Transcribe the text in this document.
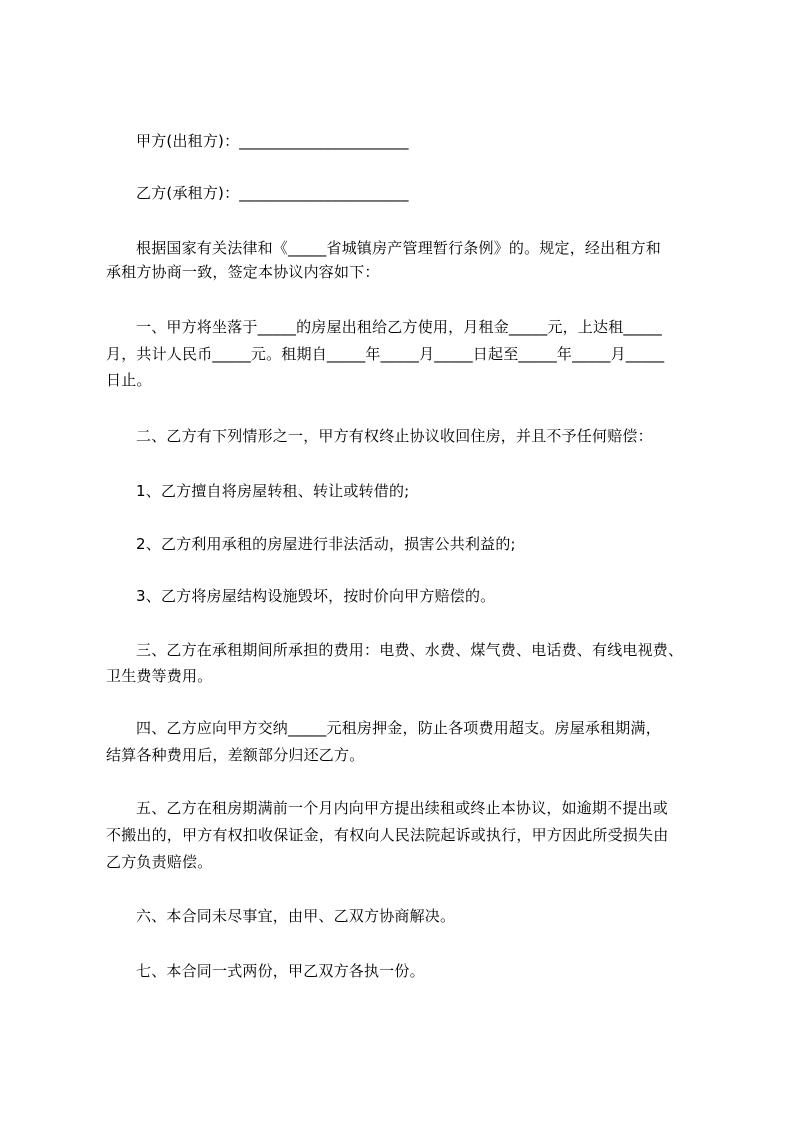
甲方(出租方)：______________________
乙方(承租方)：______________________
根据国家有关法律和《_____省城镇房产管理暂行条例》的。规定，经出租方和
承租方协商一致，签定本协议内容如下：
一、甲方将坐落于_____的房屋出租给乙方使用，月租金_____元，上达租_____
月，共计人民币_____元。租期自_____年_____月_____日起至_____年_____月_____
日止。
二、乙方有下列情形之一，甲方有权终止协议收回住房，并且不予任何赔偿：
1、乙方擅自将房屋转租、转让或转借的;
2、乙方利用承租的房屋进行非法活动，损害公共利益的;
3、乙方将房屋结构设施毁坏，按时价向甲方赔偿的。
三、乙方在承租期间所承担的费用：电费、水费、煤气费、电话费、有线电视费、
卫生费等费用。
四、乙方应向甲方交纳_____元租房押金，防止各项费用超支。房屋承租期满，
结算各种费用后，差额部分归还乙方。
五、乙方在租房期满前一个月内向甲方提出续租或终止本协议，如逾期不提出或
不搬出的，甲方有权扣收保证金，有权向人民法院起诉或执行，甲方因此所受损失由
乙方负责赔偿。
六、本合同未尽事宜，由甲、乙双方协商解决。
七、本合同一式两份，甲乙双方各执一份。
